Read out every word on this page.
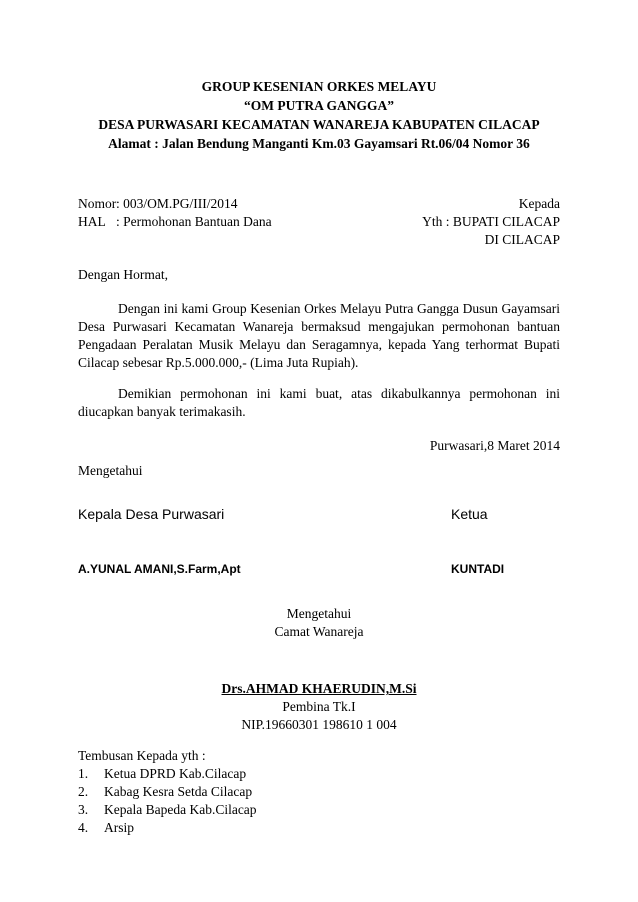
GROUP KESENIAN ORKES MELAYU
“OM PUTRA GANGGA”
DESA PURWASARI KECAMATAN WANAREJA KABUPATEN CILACAP
Alamat : Jalan Bendung Manganti Km.03 Gayamsari Rt.06/04 Nomor 36
Nomor: 003/OM.PG/III/2014
HAL : Permohonan Bantuan Dana
Kepada
Yth : BUPATI CILACAP
DI CILACAP
Dengan Hormat,
Dengan ini kami Group Kesenian Orkes Melayu Putra Gangga Dusun Gayamsari Desa Purwasari Kecamatan Wanareja bermaksud mengajukan permohonan bantuan Pengadaan Peralatan Musik Melayu dan Seragamnya, kepada Yang terhormat Bupati Cilacap sebesar Rp.5.000.000,- (Lima Juta Rupiah).
Demikian permohonan ini kami buat, atas dikabulkannya permohonan ini diucapkan banyak terimakasih.
Purwasari,8 Maret 2014
Mengetahui
Kepala Desa Purwasari	Ketua
A.YUNAL AMANI,S.Farm,Apt	KUNTADI
Mengetahui
Camat Wanareja
Drs.AHMAD KHAERUDIN,M.Si
Pembina Tk.I
NIP.19660301 198610 1 004
Tembusan Kepada yth :
1.	Ketua DPRD Kab.Cilacap
2.	Kabag Kesra Setda Cilacap
3.	Kepala Bapeda Kab.Cilacap
4.	Arsip
